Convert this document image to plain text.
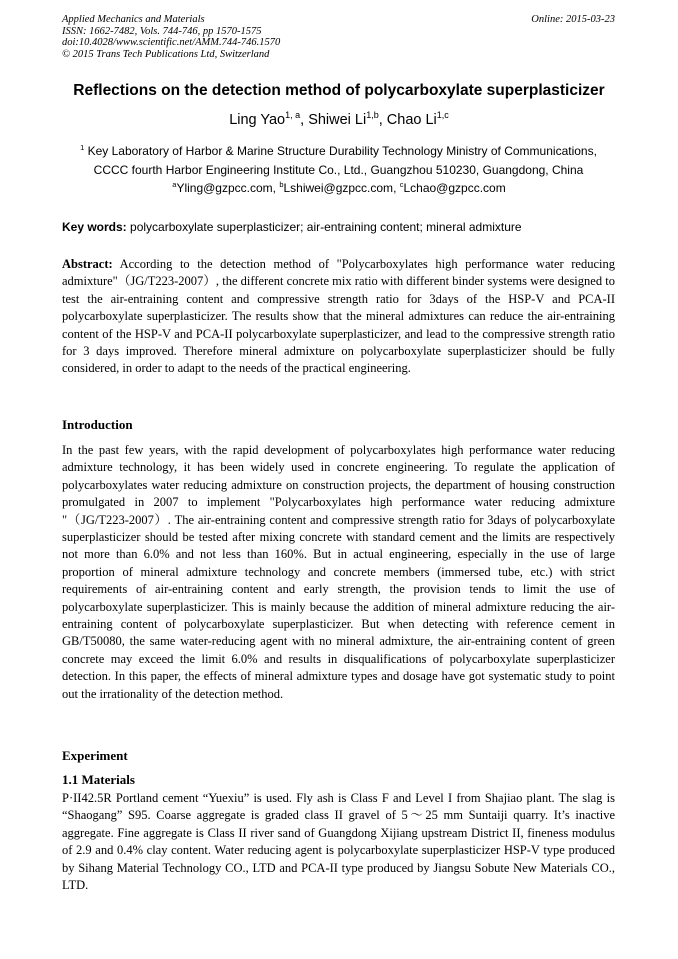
Applied Mechanics and Materials
ISSN: 1662-7482, Vols. 744-746, pp 1570-1575
doi:10.4028/www.scientific.net/AMM.744-746.1570
© 2015 Trans Tech Publications Ltd, Switzerland
Online: 2015-03-23
Reflections on the detection method of polycarboxylate superplasticizer
Ling Yao$^{1, a}$, Shiwei Li$^{1,b}$, Chao Li$^{1,c}$
$^1$ Key Laboratory of Harbor & Marine Structure Durability Technology Ministry of Communications,
CCCC fourth Harbor Engineering Institute Co., Ltd., Guangzhou 510230, Guangdong, China
$^a$Yling@gzpcc.com, $^b$Lshiwei@gzpcc.com, $^c$Lchao@gzpcc.com
Key words: polycarboxylate superplasticizer; air-entraining content; mineral admixture
Abstract: According to the detection method of "Polycarboxylates high performance water reducing admixture"（JG/T223-2007）, the different concrete mix ratio with different binder systems were designed to test the air-entraining content and compressive strength ratio for 3days of the HSP-V and PCA-II polycarboxylate superplasticizer. The results show that the mineral admixtures can reduce the air-entraining content of the HSP-V and PCA-II polycarboxylate superplasticizer, and lead to the compressive strength ratio for 3 days improved. Therefore mineral admixture on polycarboxylate superplasticizer should be fully considered, in order to adapt to the needs of the practical engineering.
Introduction
In the past few years, with the rapid development of polycarboxylates high performance water reducing admixture technology, it has been widely used in concrete engineering. To regulate the application of polycarboxylates water reducing admixture on construction projects, the department of housing construction promulgated in 2007 to implement "Polycarboxylates high performance water reducing admixture "（JG/T223-2007）. The air-entraining content and compressive strength ratio for 3days of polycarboxylate superplasticizer should be tested after mixing concrete with standard cement and the limits are respectively not more than 6.0% and not less than 160%. But in actual engineering, especially in the use of large proportion of mineral admixture technology and concrete members (immersed tube, etc.) with strict requirements of air-entraining content and early strength, the provision tends to limit the use of polycarboxylate superplasticizer. This is mainly because the addition of mineral admixture reducing the air-entraining content of polycarboxylate superplasticizer. But when detecting with reference cement in GB/T50080, the same water-reducing agent with no mineral admixture, the air-entraining content of green concrete may exceed the limit 6.0% and results in disqualifications of polycarboxylate superplasticizer detection. In this paper, the effects of mineral admixture types and dosage have got systematic study to point out the irrationality of the detection method.
Experiment
1.1 Materials
P·II42.5R Portland cement “Yuexiu” is used. Fly ash is Class F and Level I from Shajiao plant. The slag is “Shaogang” S95. Coarse aggregate is graded class II gravel of 5～25 mm Suntaiji quarry. It’s inactive aggregate. Fine aggregate is Class II river sand of Guangdong Xijiang upstream District II, fineness modulus of 2.9 and 0.4% clay content. Water reducing agent is polycarboxylate superplasticizer HSP-V type produced by Sihang Material Technology CO., LTD and PCA-II type produced by Jiangsu Sobute New Materials CO., LTD.
